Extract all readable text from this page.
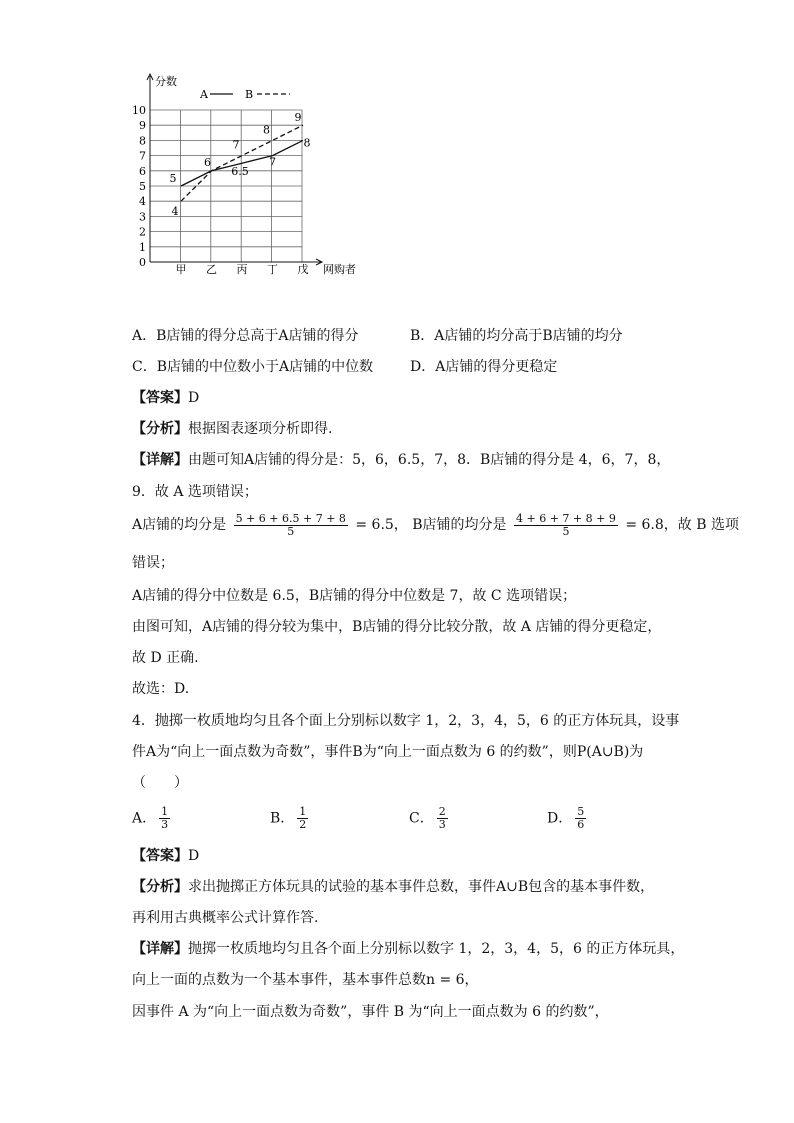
0
1
2
3
4
5
6
7
8
9
10
甲 乙 丙 丁 戊
5
6
6.5
7
8
4
7
8
9
分数
网购者
A	B
A．B店铺的得分总高于A店铺的得分	B．A店铺的均分高于B店铺的均分
C．B店铺的中位数小于A店铺的中位数	D．A店铺的得分更稳定
【答案】D
【分析】根据图表逐项分析即得.
【详解】由题可知A店铺的得分是：5，6，6.5，7，8．B店铺的得分是 4，6，7，8，
9．故 A 选项错误；
A店铺的均分是 $\frac{5 + 6 + 6.5 + 7 + 8}{5} = 6.5$， B店铺的均分是 $\frac{4 + 6 + 7 + 8 + 9}{5} = 6.8$，故 B 选项
错误；
A店铺的得分中位数是 6.5，B店铺的得分中位数是 7，故 C 选项错误；
由图可知，A店铺的得分较为集中，B店铺的得分比较分散，故 A 店铺的得分更稳定，
故 D 正确.
故选：D.
4．抛掷一枚质地均匀且各个面上分别标以数字 1，2，3，4，5，6 的正方体玩具，设事
件A为“向上一面点数为奇数”，事件B为“向上一面点数为 6 的约数”，则P(A∪B)为
（　　）
A． $\frac{1}{3}$	B． $\frac{1}{2}$	C． $\frac{2}{3}$	D． $\frac{5}{6}$
【答案】D
【分析】求出抛掷正方体玩具的试验的基本事件总数，事件A∪B包含的基本事件数，
再利用古典概率公式计算作答.
【详解】抛掷一枚质地均匀且各个面上分别标以数字 1，2，3，4，5，6 的正方体玩具，
向上一面的点数为一个基本事件，基本事件总数n = 6，
因事件 A 为“向上一面点数为奇数”，事件 B 为“向上一面点数为 6 的约数”，
